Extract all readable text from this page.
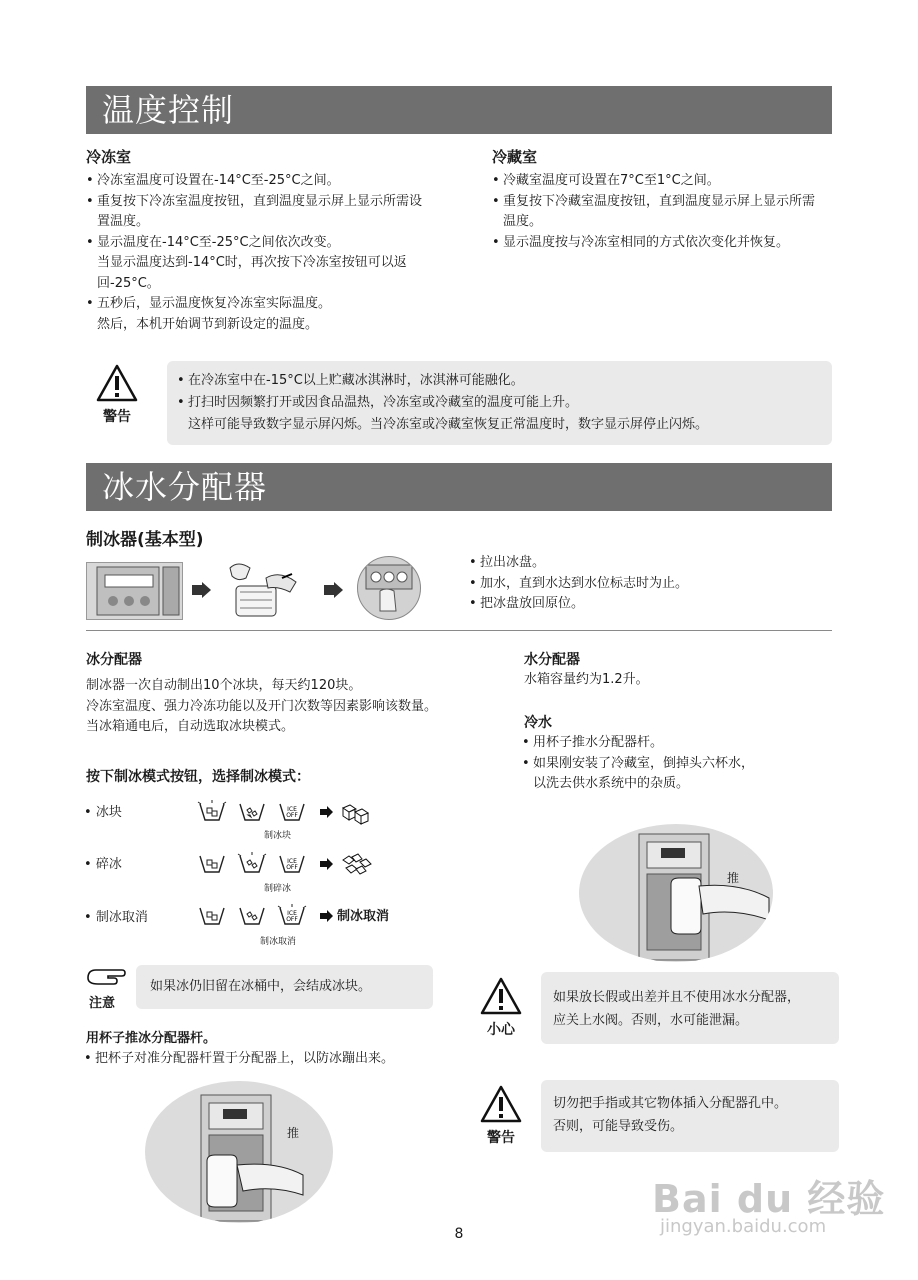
温度控制
冷冻室
• 冷冻室温度可设置在-14°C至-25°C之间。
• 重复按下冷冻室温度按钮，直到温度显示屏上显示所需设置温度。
• 显示温度在-14°C至-25°C之间依次改变。
当显示温度达到-14°C时，再次按下冷冻室按钮可以返回-25°C。
• 五秒后，显示温度恢复冷冻室实际温度。
然后，本机开始调节到新设定的温度。
冷藏室
• 冷藏室温度可设置在7°C至1°C之间。
• 重复按下冷藏室温度按钮，直到温度显示屏上显示所需温度。
• 显示温度按与冷冻室相同的方式依次变化并恢复。
警告
• 在冷冻室中在-15°C以上贮藏冰淇淋时，冰淇淋可能融化。
• 打扫时因频繁打开或因食品温热，冷冻室或冷藏室的温度可能上升。
这样可能导致数字显示屏闪烁。当冷冻室或冷藏室恢复正常温度时，数字显示屏停止闪烁。
冰水分配器
制冰器(基本型)
• 拉出冰盘。
• 加水，直到水达到水位标志时为止。
• 把冰盘放回原位。
冰分配器
制冰器一次自动制出10个冰块，每天约120块。
冷冻室温度、强力冷冻功能以及开门次数等因素影响该数量。
当冰箱通电后，自动选取冰块模式。
按下制冰模式按钮，选择制冰模式：
• 冰块
• 碎冰
• 制冰取消
ICE
OFF
制冰块
ICE
OFF
制碎冰
ICE
OFF	制冰取消
制冰取消
注意
如果冰仍旧留在冰桶中，会结成冰块。
用杯子推冰分配器杆。
• 把杯子对准分配器杆置于分配器上，以防冰蹦出来。
推
水分配器
水箱容量约为1.2升。
冷水
• 用杯子推水分配器杆。
• 如果刚安装了冷藏室，倒掉头六杯水，
以洗去供水系统中的杂质。
推
小心
如果放长假或出差并且不使用冰水分配器，
应关上水阀。否则，水可能泄漏。
警告
切勿把手指或其它物体插入分配器孔中。
否则，可能导致受伤。
8
Bai du 经验
jingyan.baidu.com
